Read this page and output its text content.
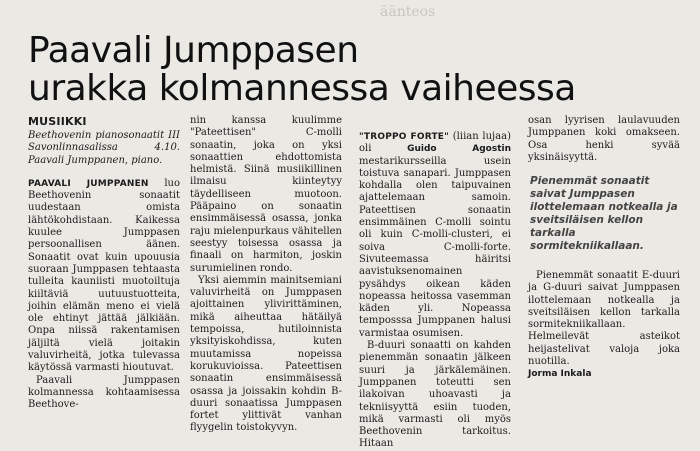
äänteos
Paavali Jumppasen
urakka kolmannessa vaiheessa
MUSIIKKI

Beethovenin pianosonaatit III Savonlinnasalissa 4.10. Paavali Jumppanen, piano.

PAAVALI JUMPPANEN luo Beethovenin sonaatit uudestaan omista lähtökohdistaan. Kaikessa kuulee Jumppasen persoonallisen äänen. Sonaatit ovat kuin upouusia suoraan Jumppasen tehtaasta tulleita kauniisti muotoiltuja kiiltäviä uutuustuotteita, joihin elämän meno ei vielä ole ehtinyt jättää jälkiään. Onpa niissä rakentamisen jäljiltä vielä joitakin valuvirheitä, jotka tulevassa käytössä varmasti hioutuvat.

Paavali Jumppasen kolmannessa kohtaamisessa Beethove-

nin kanssa kuulimme "Pateettisen" C-molli sonaatin, joka on yksi sonaattien ehdottomista helmistä. Siinä musiikillinen ilmaisu kiinteytyy täydelliseen muotoon. Pääpaino on sonaatin ensimmäisessä osassa, jonka raju mielenpurkaus vähitellen seestyy toisessa osassa ja finaali on harmiton, joskin surumielinen rondo.

Yksi aiemmin mainitsemiani valuvirheitä on Jumppasen ajoittainen ylivirittäminen, mikä aiheuttaa hätäilyä tempoissa, hutiloinnista yksityiskohdissa, kuten muutamissa nopeissa korukuvioissa. Pateettisen sonaatin ensimmäisessä osassa ja joissakin kohdin B-duuri sonaatissa Jumppasen fortet ylittivät vanhan flyygelin toistokyvyn.

"TROPPO FORTE" (liian lujaa) oli Guido Agostin mestarikursseilla usein toistuva sanapari. Jumppasen kohdalla olen taipuvainen ajattelemaan samoin. Pateettisen sonaatin ensimmäinen C-molli sointu oli kuin C-molli-clusteri, ei soiva C-molli-forte. Sivuteemassa häiritsi aavistuksenomainen pysähdys oikean käden nopeassa heitossa vasemman käden yli. Nopeassa temposssa Jumppanen halusi varmistaa osumisen.

B-duuri sonaatti on kahden pienemmän sonaatin jälkeen suuri ja järkälemäinen. Jumppanen toteutti sen ilakoivan uhoavasti ja tekniisyyttä esiin tuoden, mikä varmasti oli myös Beethovenin tarkoitus. Hitaan

osan lyyrisen laulavuuden Jumppanen koki omakseen. Osa henki syvää yksinäisyyttä.

Pienemmät sonaatit saivat Jumppasen ilottelemaan notkealla ja sveitsiläisen kellon tarkalla sormitekniikallaan.

Pienemmät sonaatit E-duuri ja G-duuri saivat Jumppasen ilottelemaan notkealla ja sveitsiläisen kellon tarkalla sormitekniikallaan. Helmeilevät asteikot heijastelivat valoja joka nuotilla.

Jorma Inkala
